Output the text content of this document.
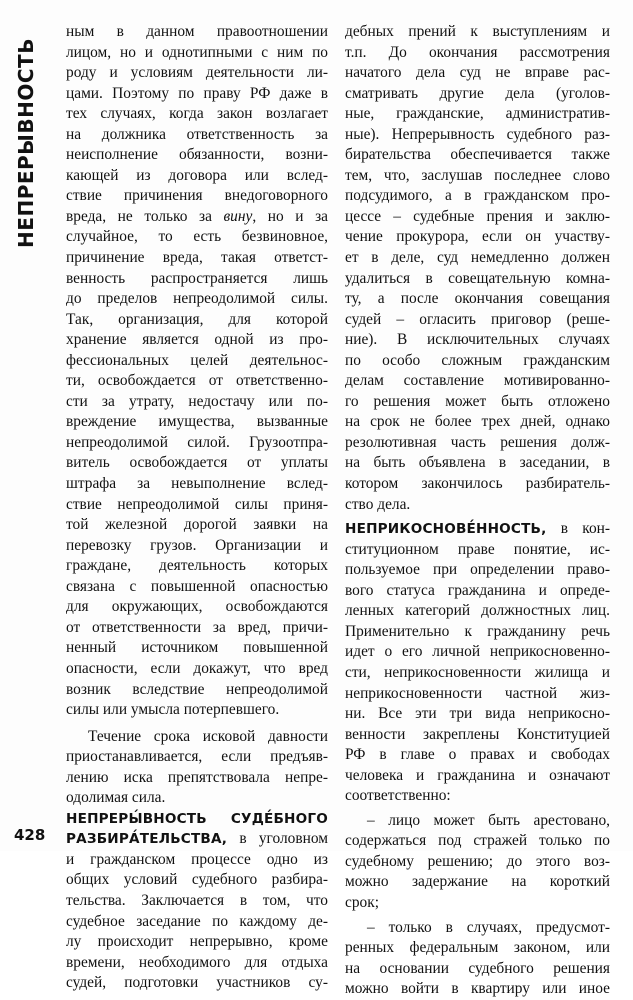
НЕПРЕРЫВНОСТЬ
ным в данном правоотношении
лицом, но и однотипными с ним по
роду и условиям деятельности ли-
цами. Поэтому по праву РФ даже в
тех случаях, когда закон возлагает
на должника ответственность за
неисполнение обязанности, возни-
кающей из договора или вслед-
ствие причинения внедоговорного
вреда, не только за вину, но и за
случайное, то есть безвиновное,
причинение вреда, такая ответст-
венность распространяется лишь
до пределов непреодолимой силы.
Так, организация, для которой
хранение является одной из про-
фессиональных целей деятельнос-
ти, освобождается от ответственно-
сти за утрату, недостачу или по-
вреждение имущества, вызванные
непреодолимой силой. Грузоотпра-
витель освобождается от уплаты
штрафа за невыполнение вслед-
ствие непреодолимой силы приня-
той железной дорогой заявки на
перевозку грузов. Организации и
граждане, деятельность которых
связана с повышенной опасностью
для окружающих, освобождаются
от ответственности за вред, причи-
ненный источником повышенной
опасности, если докажут, что вред
возник вследствие непреодолимой
силы или умысла потерпевшего.
Течение срока исковой давности
приостанавливается, если предъяв-
лению иска препятствовала непре-
одолимая сила.
НЕПРЕРЫ́ВНОСТЬ СУДЕ́БНОГО
РАЗБИРА́ТЕЛЬСТВА, в уголовном
и гражданском процессе одно из
общих условий судебного разбира-
тельства. Заключается в том, что
судебное заседание по каждому де-
лу происходит непрерывно, кроме
времени, необходимого для отдыха
судей, подготовки участников су-
дебных прений к выступлениям и
т.п. До окончания рассмотрения
начатого дела суд не вправе рас-
сматривать другие дела (уголов-
ные, гражданские, административ-
ные). Непрерывность судебного раз-
бирательства обеспечивается также
тем, что, заслушав последнее слово
подсудимого, а в гражданском про-
цессе – судебные прения и заклю-
чение прокурора, если он участву-
ет в деле, суд немедленно должен
удалиться в совещательную комна-
ту, а после окончания совещания
судей – огласить приговор (реше-
ние). В исключительных случаях
по особо сложным гражданским
делам составление мотивированно-
го решения может быть отложено
на срок не более трех дней, однако
резолютивная часть решения долж-
на быть объявлена в заседании, в
котором закончилось разбиратель-
ство дела.
НЕПРИКОСНОВЕ́ННОСТЬ, в кон-
ституционном праве понятие, ис-
пользуемое при определении право-
вого статуса гражданина и опреде-
ленных категорий должностных лиц.
Применительно к гражданину речь
идет о его личной неприкосновенно-
сти, неприкосновенности жилища и
неприкосновенности частной жиз-
ни. Все эти три вида неприкосно-
венности закреплены Конституцией
РФ в главе о правах и свободах
человека и гражданина и означают
соответственно:
– лицо может быть арестовано,
содержаться под стражей только по
судебному решению; до этого воз-
можно задержание на короткий
срок;
– только в случаях, предусмот-
ренных федеральным законом, или
на основании судебного решения
можно войти в квартиру или иное
428
